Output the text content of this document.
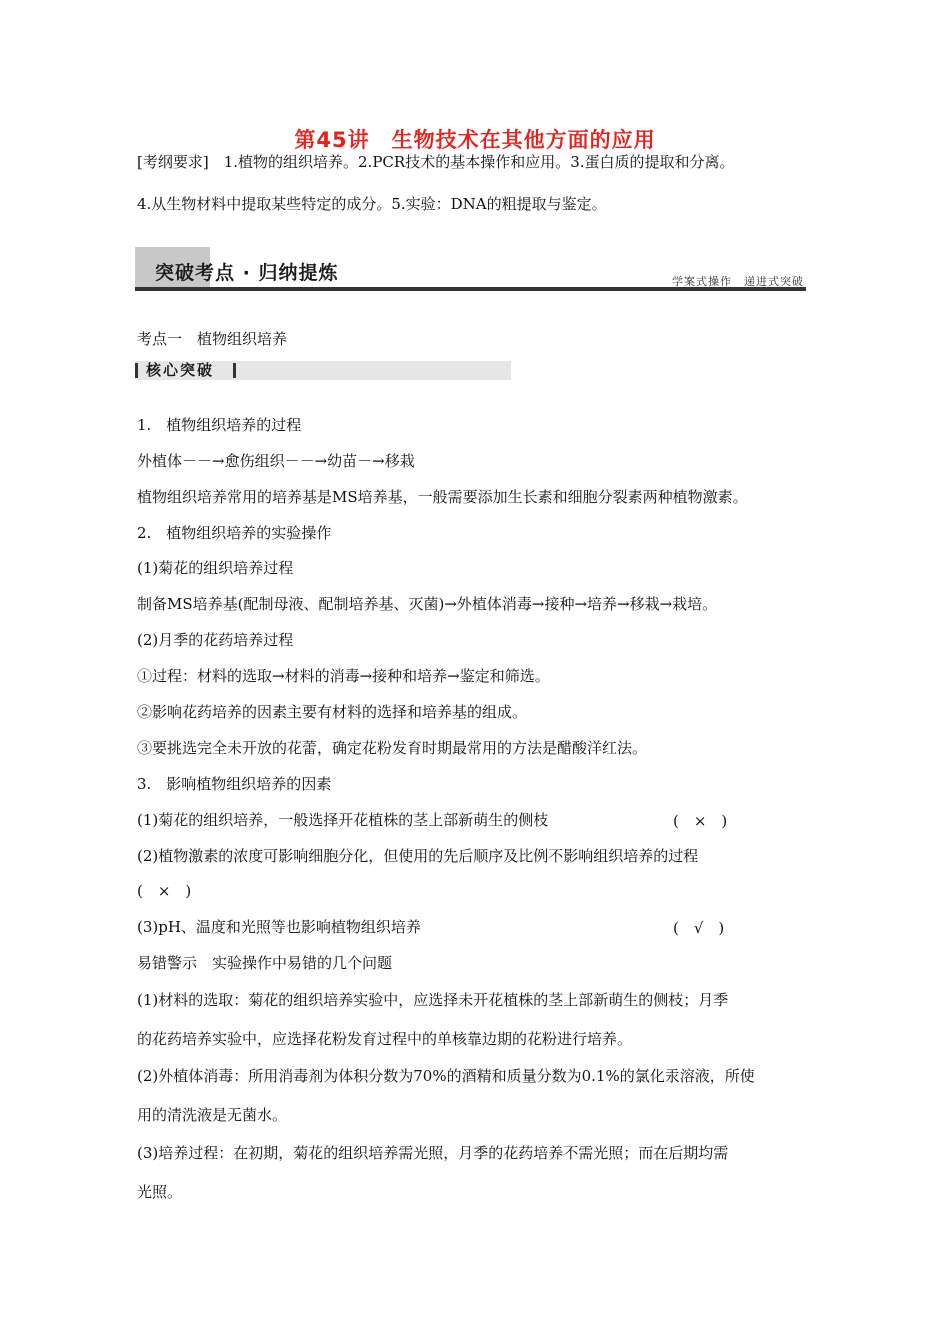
第45讲　生物技术在其他方面的应用
[考纲要求]　1.植物的组织培养。2.PCR技术的基本操作和应用。3.蛋白质的提取和分离。
4.从生物材料中提取某些特定的成分。5.实验：DNA的粗提取与鉴定。
突破考点 · 归纳提炼	学案式操作　递进式突破
考点一　植物组织培养
核心突破
1.　植物组织培养的过程
外植体－－→愈伤组织－－→幼苗－→移栽
植物组织培养常用的培养基是MS培养基，一般需要添加生长素和细胞分裂素两种植物激素。
2.　植物组织培养的实验操作
(1)菊花的组织培养过程
制备MS培养基(配制母液、配制培养基、灭菌)→外植体消毒→接种→培养→移栽→栽培。
(2)月季的花药培养过程
①过程：材料的选取→材料的消毒→接种和培养→鉴定和筛选。
②影响花药培养的因素主要有材料的选择和培养基的组成。
③要挑选完全未开放的花蕾，确定花粉发育时期最常用的方法是醋酸洋红法。
3.　影响植物组织培养的因素
(1)菊花的组织培养，一般选择开花植株的茎上部新萌生的侧枝	(　×　)
(2)植物激素的浓度可影响细胞分化，但使用的先后顺序及比例不影响组织培养的过程
(　×　)
(3)pH、温度和光照等也影响植物组织培养	(　√　)
易错警示　实验操作中易错的几个问题
(1)材料的选取：菊花的组织培养实验中，应选择未开花植株的茎上部新萌生的侧枝；月季
的花药培养实验中，应选择花粉发育过程中的单核靠边期的花粉进行培养。
(2)外植体消毒：所用消毒剂为体积分数为70%的酒精和质量分数为0.1%的氯化汞溶液，所使
用的清洗液是无菌水。
(3)培养过程：在初期，菊花的组织培养需光照，月季的花药培养不需光照；而在后期均需
光照。
